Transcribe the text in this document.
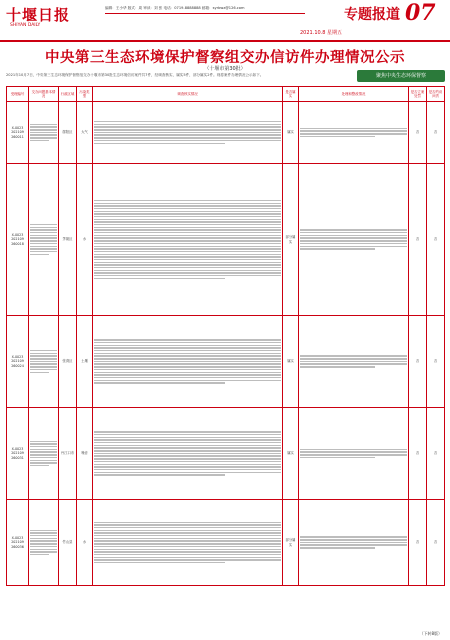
十堰日报
SHIYAN DAILY
编辑：王小华 版式：周 审读：刘 张 电话：0719-8888888 邮箱：syrbwz@126.com
2021.10.8 星期五
专题报道 07
中央第三生态环境保护督察组交办信访件办理情况公示
（十堰市第30批）
2021年10月7日，中央第三生态环境保护督察组交办十堰市第30批生态环境信访案件共7件，经调查核实，属实5件，部分属实2件。现将案件办理情况公示如下。	聚焦中央生态环保督察
受理编号	交办问题基本情况	行政区域	污染类型	调查核实情况	是否属实	处理和整改情况	是否立案处罚	是否约谈问责
X-0023
202109
260011		郧阳区	大气		属实		否	否
X-0023
202109
260018		茅箭区	水		部分属实		否	否
X-0023
202109
260024		张湾区	土壤		属实		否	否
X-0023
202109
260031		丹江口市	噪音		属实		否	否
X-0023
202109
260036		竹山县	水		部分属实		否	否
（下转8版）
